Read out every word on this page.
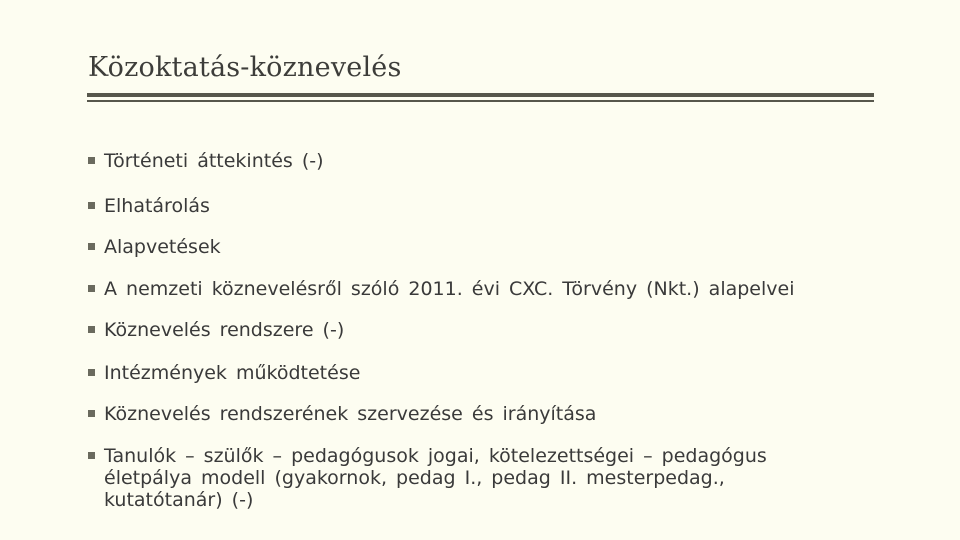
Közoktatás-köznevelés
Történeti áttekintés (-)
Elhatárolás
Alapvetések
A nemzeti köznevelésről szóló 2011. évi CXC. Törvény (Nkt.) alapelvei
Köznevelés rendszere (-)
Intézmények működtetése
Köznevelés rendszerének szervezése és irányítása
Tanulók – szülők – pedagógusok jogai, kötelezettségei – pedagógus életpálya modell (gyakornok, pedag I., pedag II. mesterpedag., kutatótanár) (-)
